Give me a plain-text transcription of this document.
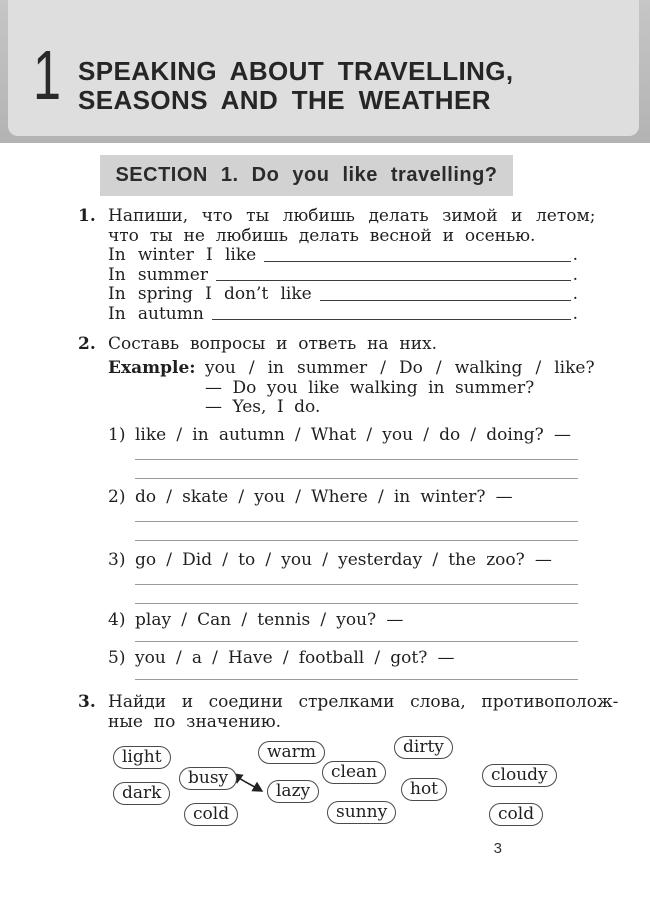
1 SPEAKING ABOUT TRAVELLING,
SEASONS AND THE WEATHER
SECTION 1. Do you like travelling?
1. Напиши, что ты любишь делать зимой и летом;
что ты не любишь делать весной и осенью.
In winter I like	.
In summer	.
In spring I don’t like	.
In autumn	.
2. Составь вопросы и ответь на них.
Example: you / in summer / Do / walking / like?
— Do you like walking in summer?
— Yes, I do.
1) like / in autumn / What / you / do / doing? —
2) do / skate / you / Where / in winter? —
3) go / Did / to / you / yesterday / the zoo? —
4) play / Can / tennis / you? —
5) you / a / Have / football / got? —
3. Найди и соедини стрелками слова, противополож-
ные по значению.
light
dark
busy
cold
warm
lazy
clean
sunny
dirty
hot
cloudy
cold
3
